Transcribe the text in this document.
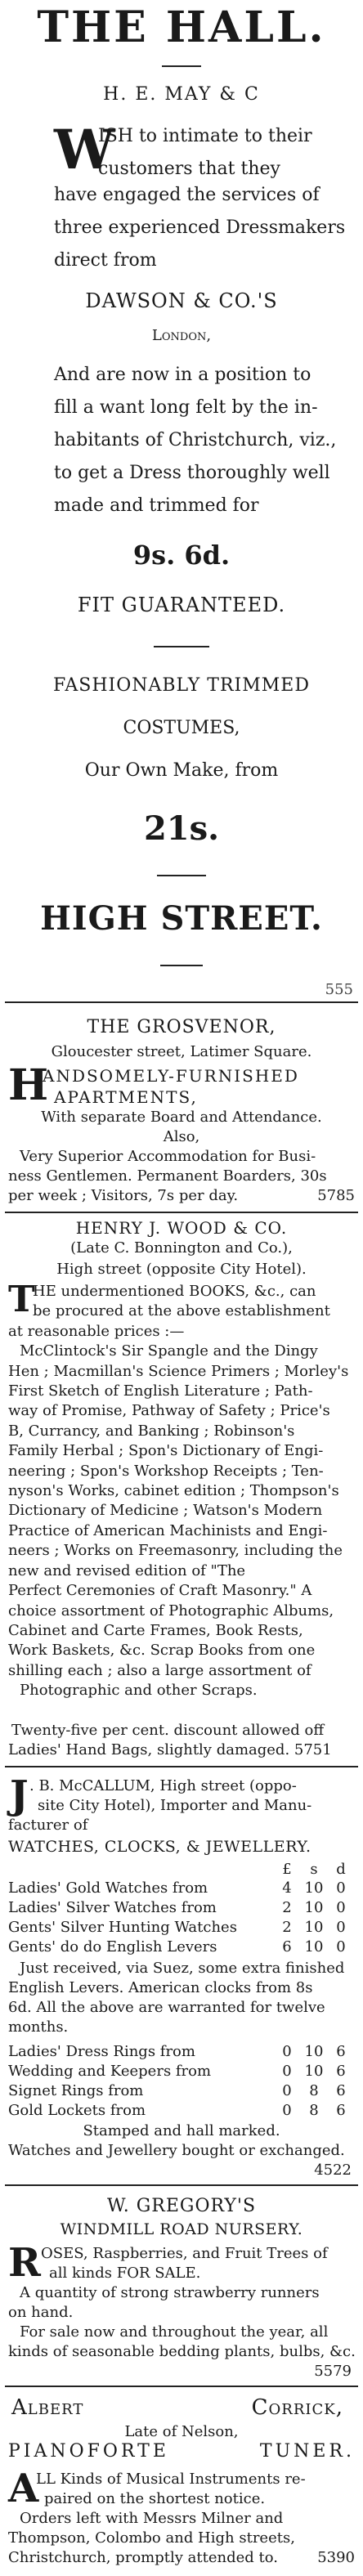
THE HALL.
H. E. MAY & C
W
ISH to intimate to their
customers that they
have engaged the services of
three experienced Dressmakers
direct from
DAWSON & CO.'S
London,
And are now in a position to
fill a want long felt by the in-
habitants of Christchurch, viz.,
to get a Dress thoroughly well
made and trimmed for
9s. 6d.
FIT GUARANTEED.
FASHIONABLY TRIMMED
COSTUMES,
Our Own Make, from
21s.
HIGH STREET.
555
THE GROSVENOR,
Gloucester street, Latimer Square.
H
ANDSOMELY-FURNISHED
APARTMENTS,
With separate Board and Attendance.
Also,
Very Superior Accommodation for Busi-
ness Gentlemen. Permanent Boarders, 30s
per week ; Visitors, 7s per day.	5785
HENRY J. WOOD & CO.
(Late C. Bonnington and Co.),
High street (opposite City Hotel).
T
HE undermentioned BOOKS, &c., can
be procured at the above establishment
at reasonable prices :—
McClintock's Sir Spangle and the Dingy
Hen ; Macmillan's Science Primers ; Morley's
First Sketch of English Literature ; Path-
way of Promise, Pathway of Safety ; Price's
B, Currancy, and Banking ; Robinson's
Family Herbal ; Spon's Dictionary of Engi-
neering ; Spon's Workshop Receipts ; Ten-
nyson's Works, cabinet edition ; Thompson's
Dictionary of Medicine ; Watson's Modern
Practice of American Machinists and Engi-
neers ; Works on Freemasonry, including the
new and revised edition of "The
Perfect Ceremonies of Craft Masonry." A
choice assortment of Photographic Albums,
Cabinet and Carte Frames, Book Rests,
Work Baskets, &c. Scrap Books from one
shilling each ; also a large assortment of
Photographic and other Scraps.
Twenty-five per cent. discount allowed off
Ladies' Hand Bags, slightly damaged. 5751
J . B. McCALLUM, High street (oppo-
site City Hotel), Importer and Manu-
facturer of
WATCHES, CLOCKS, & JEWELLERY.
£	s	d
Ladies' Gold Watches from	4 10 0
Ladies' Silver Watches from	2 10 0
Gents' Silver Hunting Watches	2 10 0
Gents' do do English Levers	6 10 0
Just received, via Suez, some extra finished
English Levers. American clocks from 8s
6d. All the above are warranted for twelve
months.
Ladies' Dress Rings from	0 10 6
Wedding and Keepers from	0 10 6
Signet Rings from	0	8	6
Gold Lockets from	0	8	6
Stamped and hall marked.
Watches and Jewellery bought or exchanged.
4522
W. GREGORY'S
WINDMILL ROAD NURSERY.
R OSES, Raspberries, and Fruit Trees of
all kinds FOR SALE.
A quantity of strong strawberry runners
on hand.
For sale now and throughout the year, all
kinds of seasonable bedding plants, bulbs, &c.
5579
Albert	Corrick,
Late of Nelson,
PIANOFORTE	TUNER.
A
LL Kinds of Musical Instruments re-
paired on the shortest notice.
Orders left with Messrs Milner and
Thompson, Colombo and High streets,
Christchurch, promptly attended to.	5390
